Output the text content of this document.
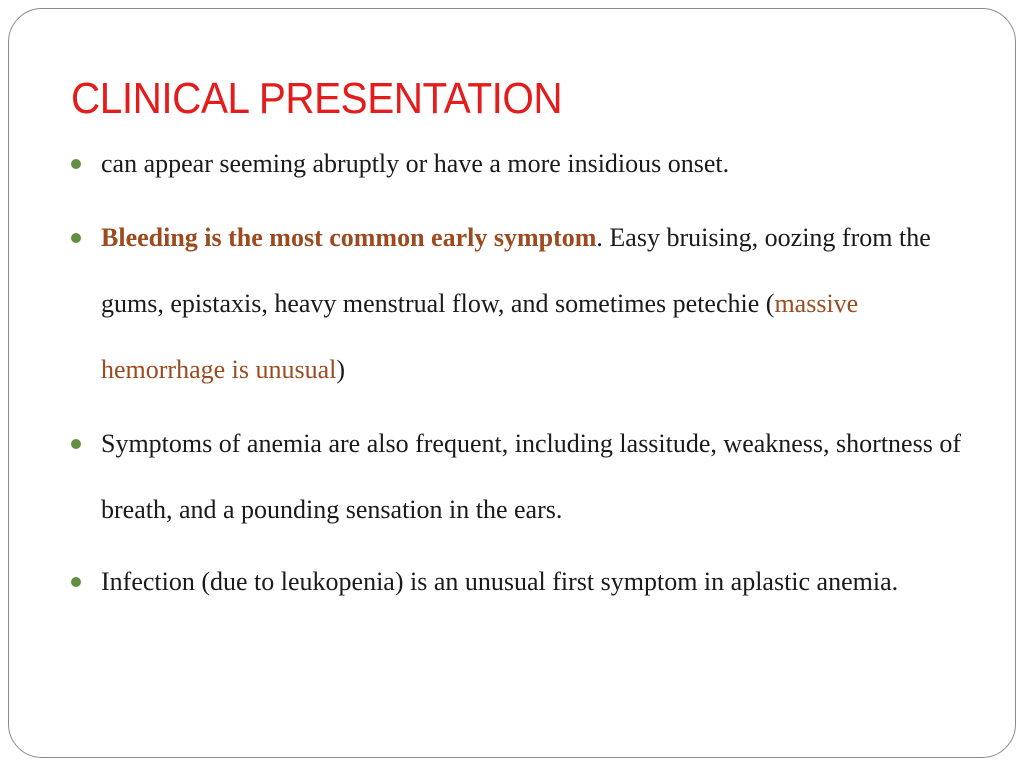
CLINICAL PRESENTATION
can appear seeming abruptly or have a more insidious onset.
Bleeding is the most common early symptom. Easy bruising, oozing from the gums, epistaxis, heavy menstrual flow, and sometimes petechie (massive hemorrhage is unusual)
Symptoms of anemia are also frequent, including lassitude, weakness, shortness of breath, and a pounding sensation in the ears.
Infection (due to leukopenia) is an unusual first symptom in aplastic anemia.
